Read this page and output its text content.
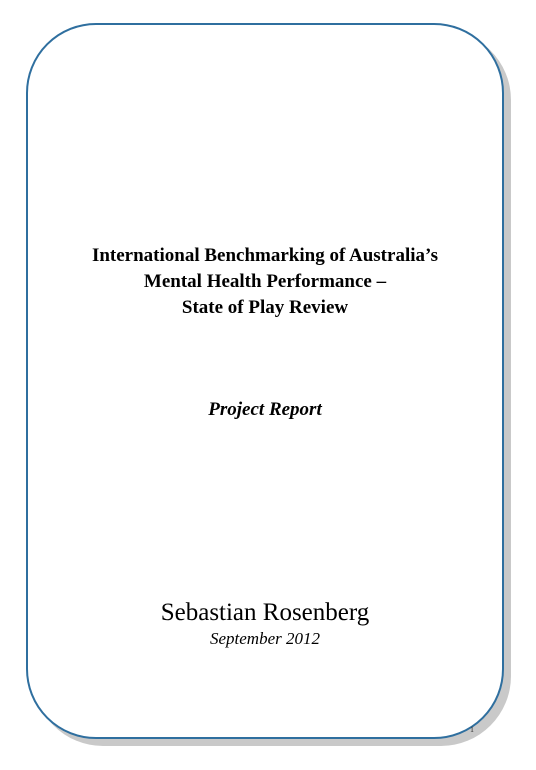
International Benchmarking of Australia’s
Mental Health Performance –
State of Play Review
Project Report
Sebastian Rosenberg
September 2012
1
